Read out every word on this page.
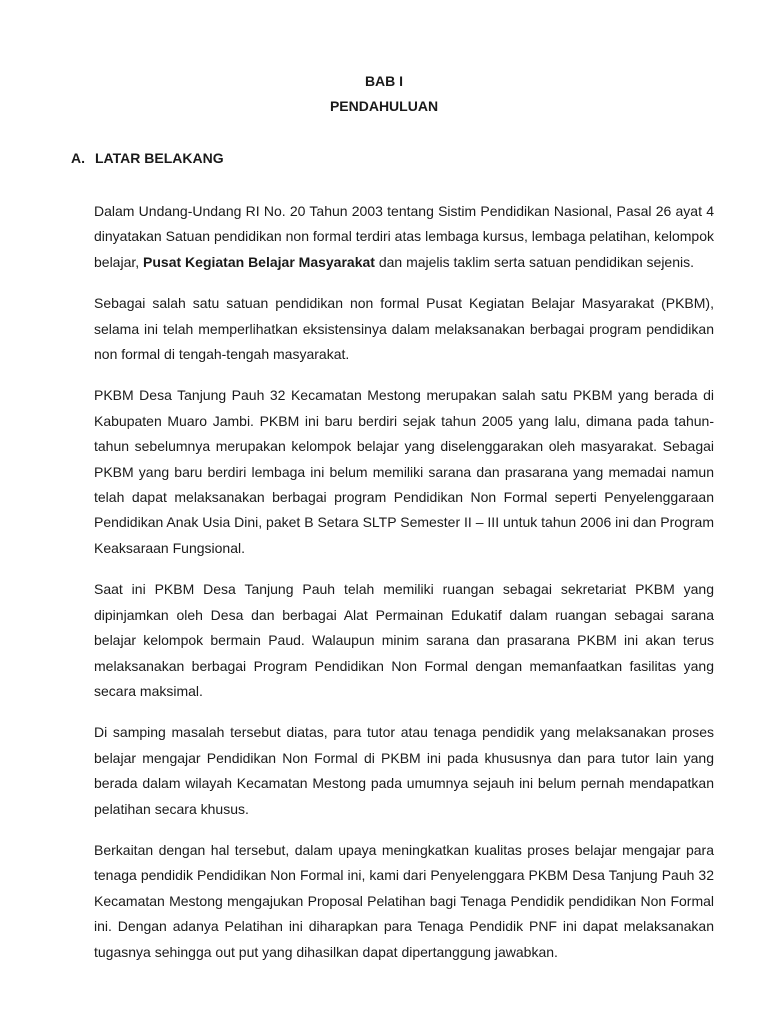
BAB I
PENDAHULUAN
A. LATAR BELAKANG

Dalam Undang-Undang RI No. 20 Tahun 2003 tentang Sistim Pendidikan Nasional, Pasal 26 ayat 4 dinyatakan Satuan pendidikan non formal terdiri atas lembaga kursus, lembaga pelatihan, kelompok belajar, Pusat Kegiatan Belajar Masyarakat dan majelis taklim serta satuan pendidikan sejenis.

Sebagai salah satu satuan pendidikan non formal Pusat Kegiatan Belajar Masyarakat (PKBM), selama ini telah memperlihatkan eksistensinya dalam melaksanakan berbagai program pendidikan non formal di tengah-tengah masyarakat.

PKBM Desa Tanjung Pauh 32 Kecamatan Mestong merupakan salah satu PKBM yang berada di Kabupaten Muaro Jambi. PKBM ini baru berdiri sejak tahun 2005 yang lalu, dimana pada tahun-tahun sebelumnya merupakan kelompok belajar yang diselenggarakan oleh masyarakat. Sebagai PKBM yang baru berdiri lembaga ini belum memiliki sarana dan prasarana yang memadai namun telah dapat melaksanakan berbagai program Pendidikan Non Formal seperti Penyelenggaraan Pendidikan Anak Usia Dini, paket B Setara SLTP Semester II – III untuk tahun 2006 ini dan Program Keaksaraan Fungsional.

Saat ini PKBM Desa Tanjung Pauh telah memiliki ruangan sebagai sekretariat PKBM yang dipinjamkan oleh Desa dan berbagai Alat Permainan Edukatif dalam ruangan sebagai sarana belajar kelompok bermain Paud. Walaupun minim sarana dan prasarana PKBM ini akan terus melaksanakan berbagai Program Pendidikan Non Formal dengan memanfaatkan fasilitas yang secara maksimal.

Di samping masalah tersebut diatas, para tutor atau tenaga pendidik yang melaksanakan proses belajar mengajar Pendidikan Non Formal di PKBM ini pada khususnya dan para tutor lain yang berada dalam wilayah Kecamatan Mestong pada umumnya sejauh ini belum pernah mendapatkan pelatihan secara khusus.

Berkaitan dengan hal tersebut, dalam upaya meningkatkan kualitas proses belajar mengajar para tenaga pendidik Pendidikan Non Formal ini, kami dari Penyelenggara PKBM Desa Tanjung Pauh 32 Kecamatan Mestong mengajukan Proposal Pelatihan bagi Tenaga Pendidik pendidikan Non Formal ini. Dengan adanya Pelatihan ini diharapkan para Tenaga Pendidik PNF ini dapat melaksanakan tugasnya sehingga out put yang dihasilkan dapat dipertanggung jawabkan.
